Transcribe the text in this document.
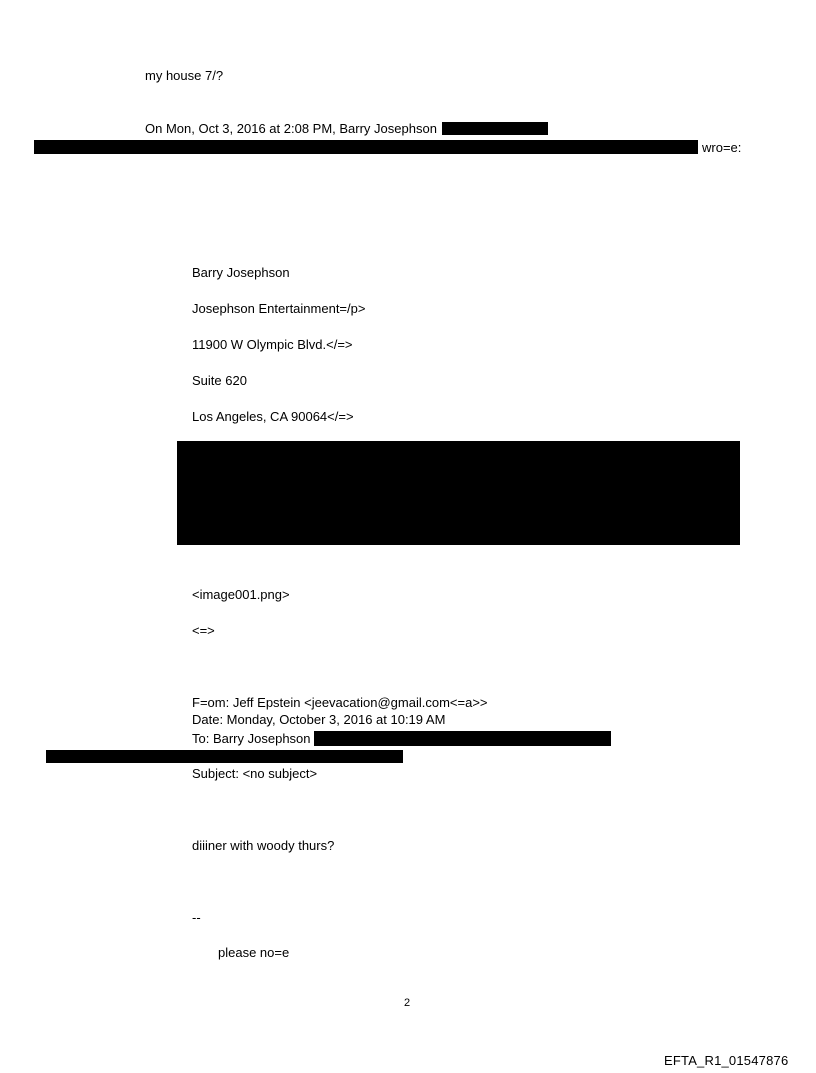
my house 7/?
On Mon, Oct 3, 2016 at 2:08 PM, Barry Josephson
wro=e:
Barry Josephson
Josephson Entertainment=/p>
11900 W Olympic Blvd.</=>
Suite 620
Los Angeles, CA 90064</=>
<image001.png>
<=>
F=om: Jeff Epstein <jeevacation@gmail.com<=a>>
Date: Monday, October 3, 2016 at 10:19 AM
To: Barry Josephson
Subject: <no subject>
diiiner with woody thurs?
--
please no=e
2
EFTA_R1_01547876
